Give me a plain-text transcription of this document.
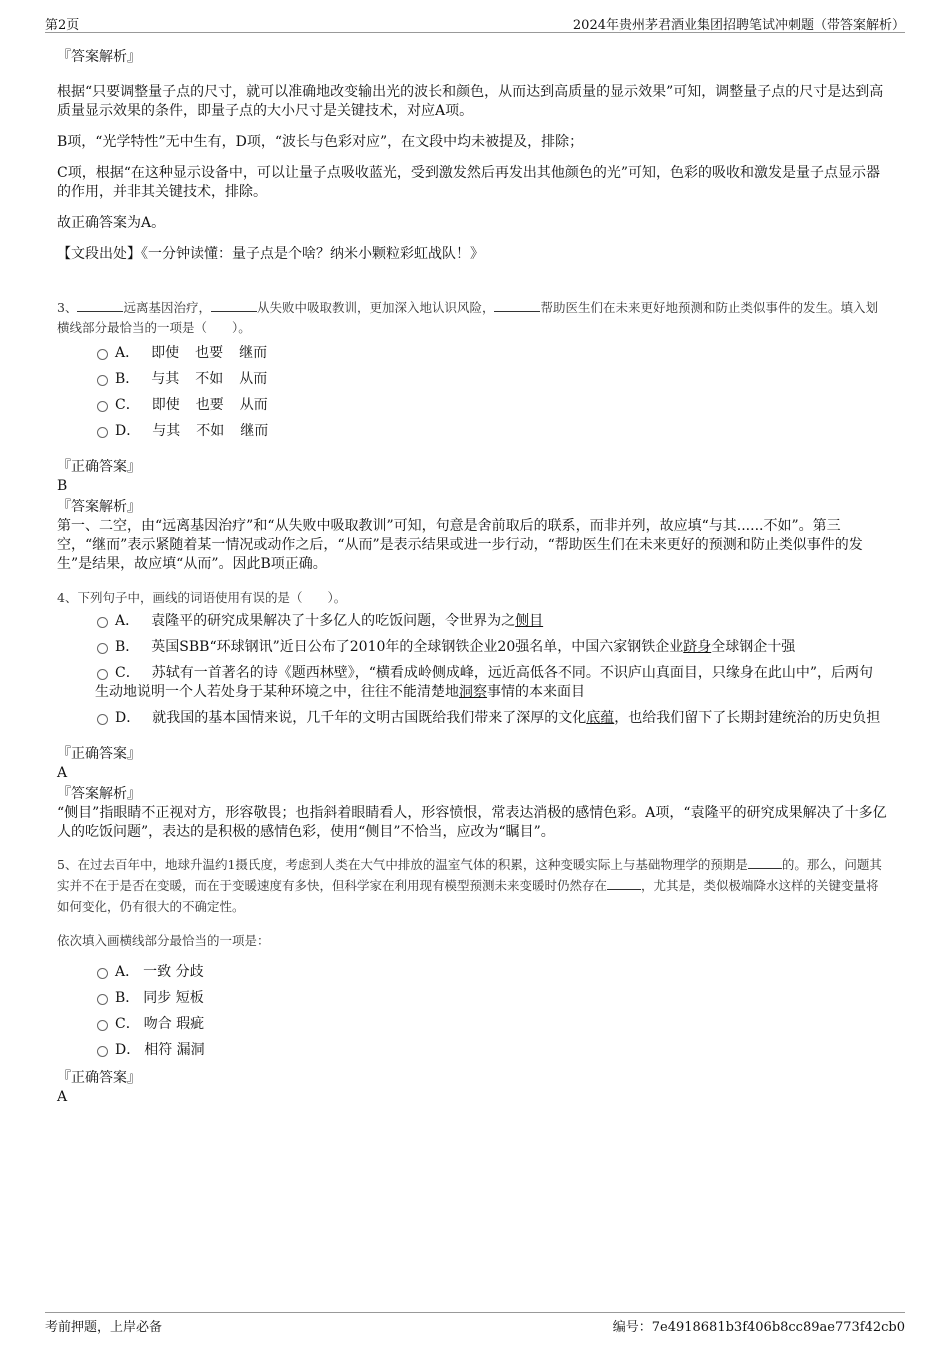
第2页	2024年贵州茅君酒业集团招聘笔试冲刺题（带答案解析）
『答案解析』

根据“只要调整量子点的尺寸，就可以准确地改变输出光的波长和颜色，从而达到高质量的显示效果”可知，调整量子点的尺寸是达到高质量显示效果的条件，即量子点的大小尺寸是关键技术，对应A项。

B项，“光学特性”无中生有，D项，“波长与色彩对应”，在文段中均未被提及，排除；

C项，根据“在这种显示设备中，可以让量子点吸收蓝光，受到激发然后再发出其他颜色的光”可知，色彩的吸收和激发是量子点显示器的作用，并非其关键技术，排除。

故正确答案为A。

【文段出处】《一分钟读懂：量子点是个啥？纳米小颗粒彩虹战队！》

3、	远离基因治疗，	从失败中吸取教训，更加深入地认识风险，	帮助医生们在未来更好地预测和防止类似事件的发生。填入划横线部分最恰当的一项是（　　）。

A． 即使 也要 继而
B． 与其 不如 从而
C． 即使 也要 从而
D． 与其 不如 继而
『正确答案』
B
『答案解析』

第一、二空，由“远离基因治疗”和“从失败中吸取教训”可知，句意是舍前取后的联系，而非并列，故应填“与其......不如”。第三空，“继而”表示紧随着某一情况或动作之后，“从而”是表示结果或进一步行动，“帮助医生们在未来更好的预测和防止类似事件的发生”是结果，故应填“从而”。因此B项正确。

4、下列句子中，画线的词语使用有误的是（　　）。

A． 袁隆平的研究成果解决了十多亿人的吃饭问题，令世界为之侧目
B． 英国SBB“环球钢讯”近日公布了2010年的全球钢铁企业20强名单，中国六家钢铁企业跻身全球钢企十强
C． 苏轼有一首著名的诗《题西林壁》，“横看成岭侧成峰，远近高低各不同。不识庐山真面目，只缘身在此山中”，后两句生动地说明一个人若处身于某种环境之中，往往不能清楚地洞察事情的本来面目
D． 就我国的基本国情来说，几千年的文明古国既给我们带来了深厚的文化底蕴，也给我们留下了长期封建统治的历史负担
『正确答案』
A
『答案解析』

“侧目”指眼睛不正视对方，形容敬畏；也指斜着眼睛看人，形容愤恨，常表达消极的感情色彩。A项，“袁隆平的研究成果解决了十多亿人的吃饭问题”，表达的是积极的感情色彩，使用“侧目”不恰当，应改为“瞩目”。

5、在过去百年中，地球升温约1摄氏度，考虑到人类在大气中排放的温室气体的积累，这种变暖实际上与基础物理学的预期是	的。那么，问题其实并不在于是否在变暖，而在于变暖速度有多快，但科学家在利用现有模型预测未来变暖时仍然存在	，尤其是，类似极端降水这样的关键变量将如何变化，仍有很大的不确定性。

依次填入画横线部分最恰当的一项是：

A． 一致 分歧
B． 同步 短板
C． 吻合 瑕疵
D． 相符 漏洞
『正确答案』
A
考前押题，上岸必备	编号：7e4918681b3f406b8cc89ae773f42cb0
